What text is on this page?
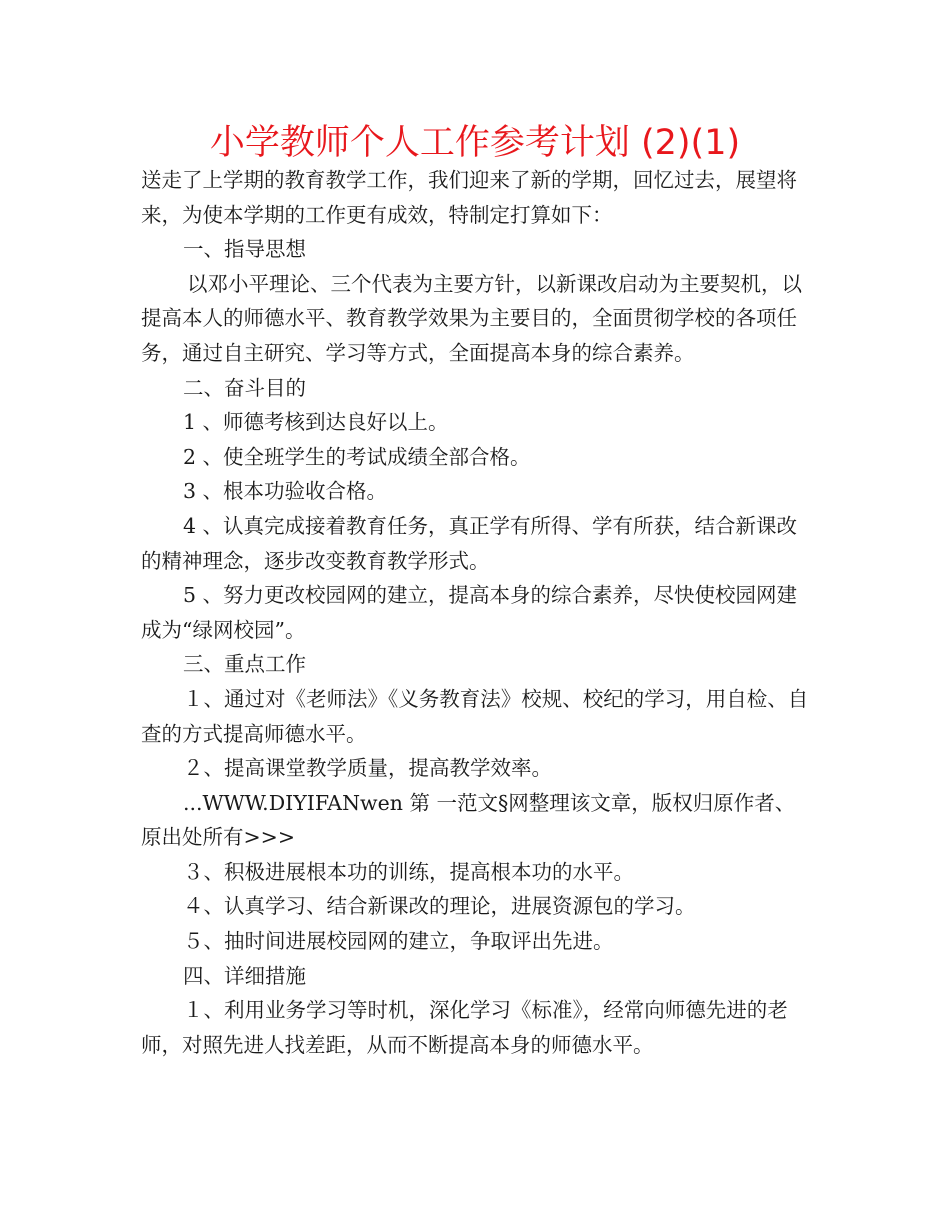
小学教师个人工作参考计划 (2)(1)

送走了上学期的教育教学工作，我们迎来了新的学期，回忆过去，展望将来，为使本学期的工作更有成效，特制定打算如下：

一、指导思想

以邓小平理论、三个代表为主要方针，以新课改启动为主要契机，以提高本人的师德水平、教育教学效果为主要目的，全面贯彻学校的各项任务，通过自主研究、学习等方式，全面提高本身的综合素养。

二、奋斗目的

1 、师德考核到达良好以上。

2 、使全班学生的考试成绩全部合格。

3 、根本功验收合格。

4 、认真完成接着教育任务，真正学有所得、学有所获，结合新课改的精神理念，逐步改变教育教学形式。

5 、努力更改校园网的建立，提高本身的综合素养，尽快使校园网建成为“绿网校园”。

三、重点工作

１、通过对《老师法》《义务教育法》校规、校纪的学习，用自检、自查的方式提高师德水平。

２、提高课堂教学质量，提高教学效率。

...WWW.DIYIFANwen 第 一范文§网整理该文章，版权归原作者、原出处所有>>>

３、积极进展根本功的训练，提高根本功的水平。

４、认真学习、结合新课改的理论，进展资源包的学习。

５、抽时间进展校园网的建立，争取评出先进。

四、详细措施

１、利用业务学习等时机，深化学习《标准》，经常向师德先进的老师，对照先进人找差距，从而不断提高本身的师德水平。
